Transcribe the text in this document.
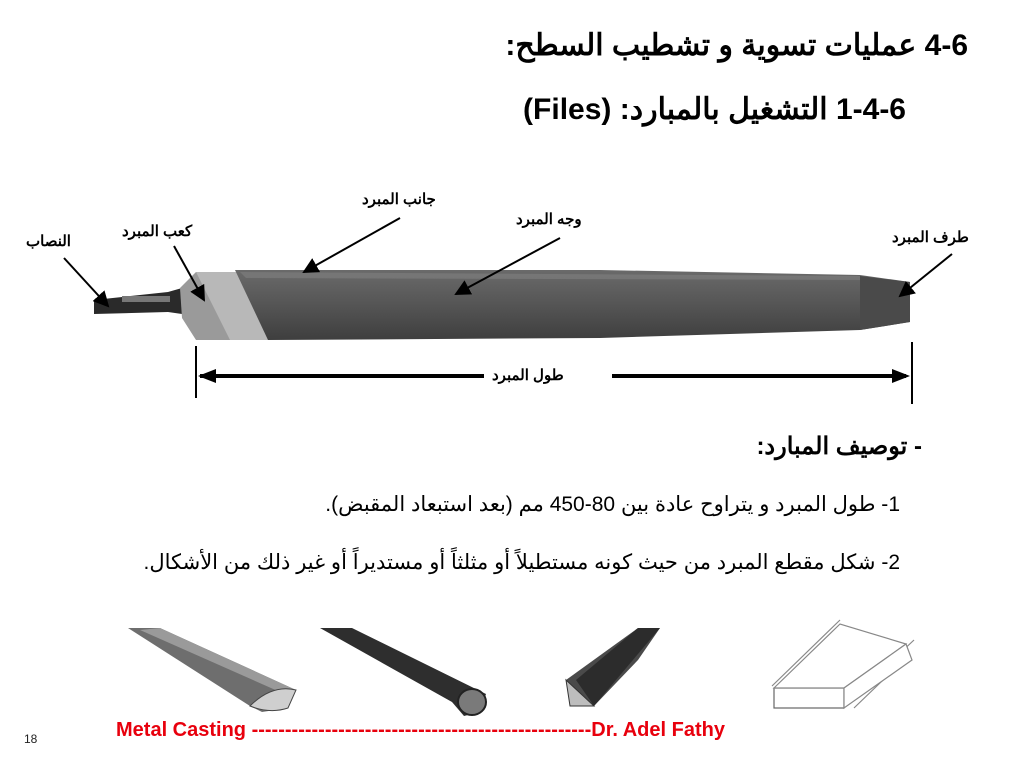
4-6 عمليات تسوية و تشطيب السطح:
1-4-6 التشغيل بالمبارد: (Files)
جانب المبرد
وجه المبرد
كعب المبرد
النصاب	طرف المبرد
طول المبرد
- توصيف المبارد:
1- طول المبرد و يتراوح عادة بين 80-450 مم (بعد استبعاد المقبض).
2- شكل مقطع المبرد من حيث كونه مستطيلاً أو مثلثاً أو مستديراً أو غير ذلك من الأشكال.
Metal Casting ---------------------------------------------------Dr. Adel Fathy
18
